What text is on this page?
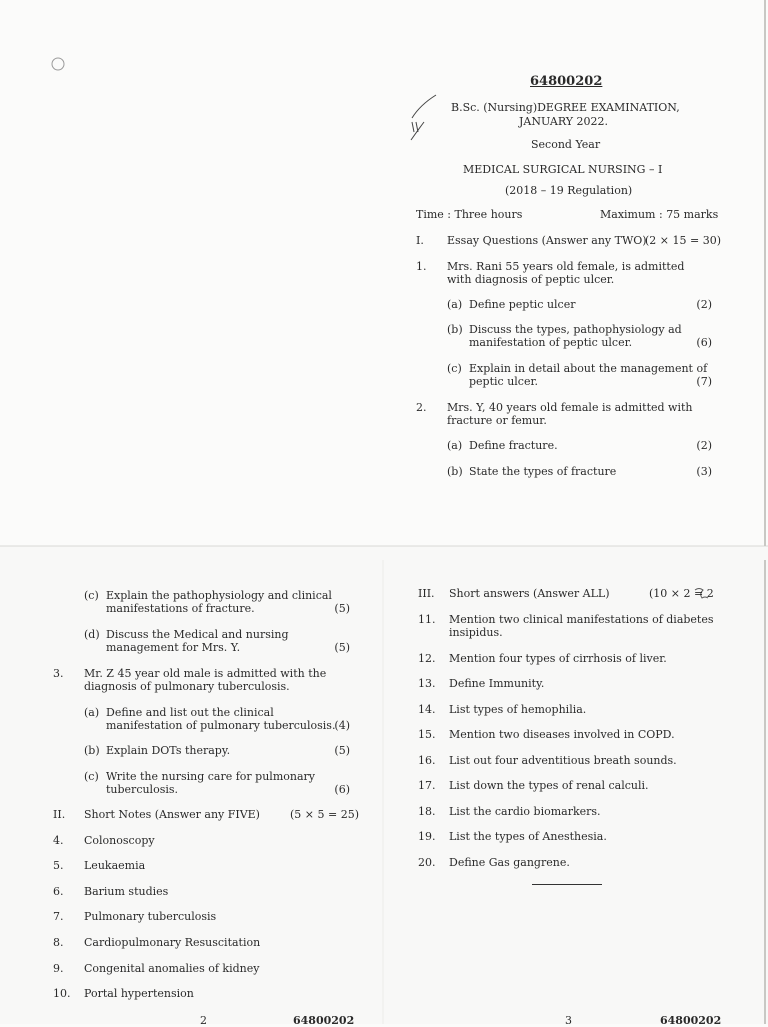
64800202
B.Sc. (Nursing)DEGREE EXAMINATION,
JANUARY 2022.
Second Year
MEDICAL SURGICAL NURSING – I
(2018 – 19 Regulation)
Time : Three hours	Maximum : 75 marks
I. Essay Questions (Answer any TWO)
(2 × 15 = 30)
1. Mrs. Rani 55 years old female, is admitted with diagnosis of peptic ulcer.
(a) Define peptic ulcer	(2)
(b) Discuss the types, pathophysiology ad manifestation of peptic ulcer.	(6)
(c) Explain in detail about the management of peptic ulcer.	(7)
2. Mrs. Y, 40 years old female is admitted with fracture or femur.
(a) Define fracture.	(2)
(b) State the types of fracture	(3)
(c) Explain the pathophysiology and clinical manifestations of fracture.	(5)
(d) Discuss the Medical and nursing management for Mrs. Y.	(5)
3. Mr. Z 45 year old male is admitted with the diagnosis of pulmonary tuberculosis.
(a) Define and list out the clinical manifestation of pulmonary tuberculosis.
(4)
(b) Explain DOTs therapy.	(5)
(c) Write the nursing care for pulmonary tuberculosis.	(6)
II. Short Notes (Answer any FIVE)	(5 × 5 = 25)
4. Colonoscopy
5. Leukaemia
6. Barium studies
7. Pulmonary tuberculosis
8. Cardiopulmonary Resuscitation
9. Congenital anomalies of kidney
10. Portal hypertension
III. Short answers (Answer ALL)	(10 × 2 = 2
11. Mention two clinical manifestations of diabetes insipidus.
12. Mention four types of cirrhosis of liver.
13. Define Immunity.
14. List types of hemophilia.
15. Mention two diseases involved in COPD.
16. List out four adventitious breath sounds.
17. List down the types of renal calculi.
18. List the cardio biomarkers.
19. List the types of Anesthesia.
20. Define Gas gangrene.
2	64800202	3	64800202
